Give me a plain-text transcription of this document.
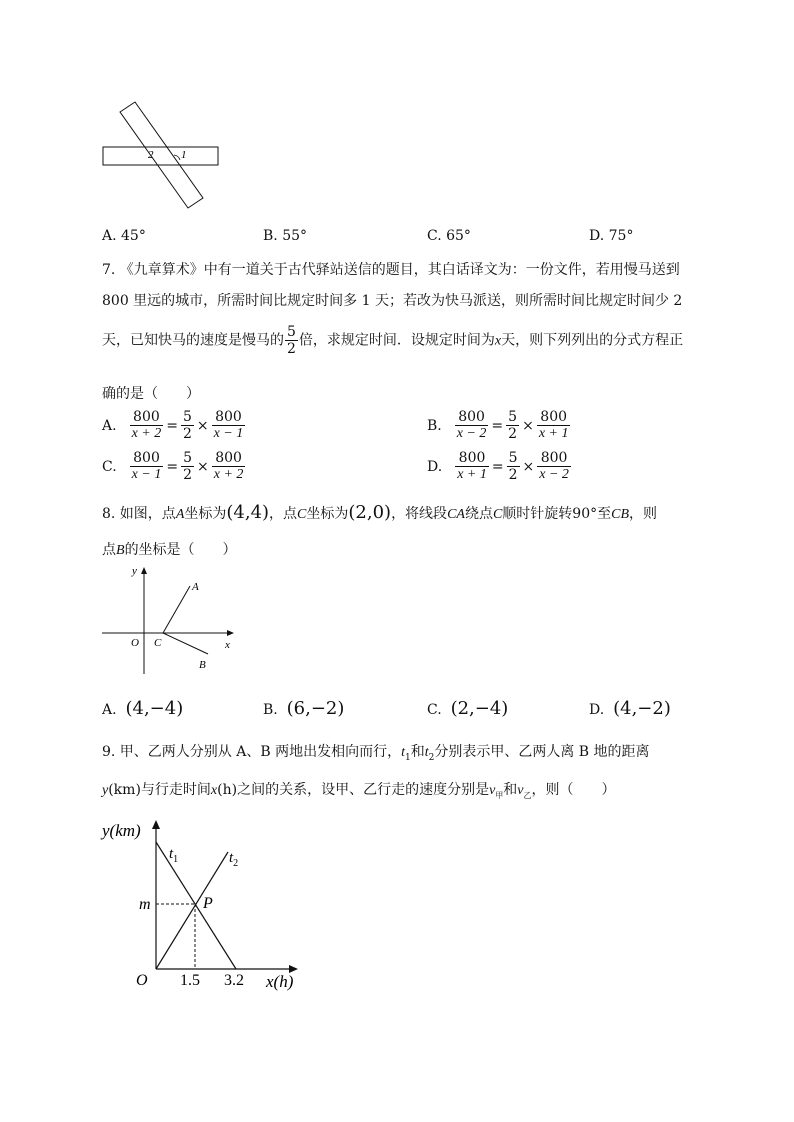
2	1
A. 45°	B. 55°	C. 65°	D. 75°
7. 《九章算术》中有一道关于古代驿站送信的题目，其白话译文为：一份文件，若用慢马送到
800 里远的城市，所需时间比规定时间多 1 天；若改为快马派送，则所需时间比规定时间少 2
天，已知快马的速度是慢马的 $\frac{5}{2}$ 倍，求规定时间．设规定时间为x天，则下列列出的分式方程正
确的是（　　）
A. $\frac{800}{x + 2} = \frac{5}{2} \times \frac{800}{x - 1}$	B. $\frac{800}{x - 2} = \frac{5}{2} \times \frac{800}{x + 1}$
C. $\frac{800}{x - 1} = \frac{5}{2} \times \frac{800}{x + 2}$	D. $\frac{800}{x + 1} = \frac{5}{2} \times \frac{800}{x - 2}$
8. 如图，点A坐标为(4,4)，点C坐标为(2,0)，将线段CA绕点C顺时针旋转90°至CB，则
点B的坐标是（　　）
y
x
O C
A
B
A. (4,−4)	B. (6,−2)	C. (2,−4)	D. (4,−2)
9. 甲、乙两人分别从 A、B 两地出发相向而行，$t_1$和$t_2$分别表示甲、乙两人离 B 地的距离
y(km)与行走时间x(h)之间的关系，设甲、乙行走的速度分别是$v_甲$和$v_乙$，则（　　）
y(km)
x(h)
$t_1$	$t_2$
m	P
O 1.5 3.2
